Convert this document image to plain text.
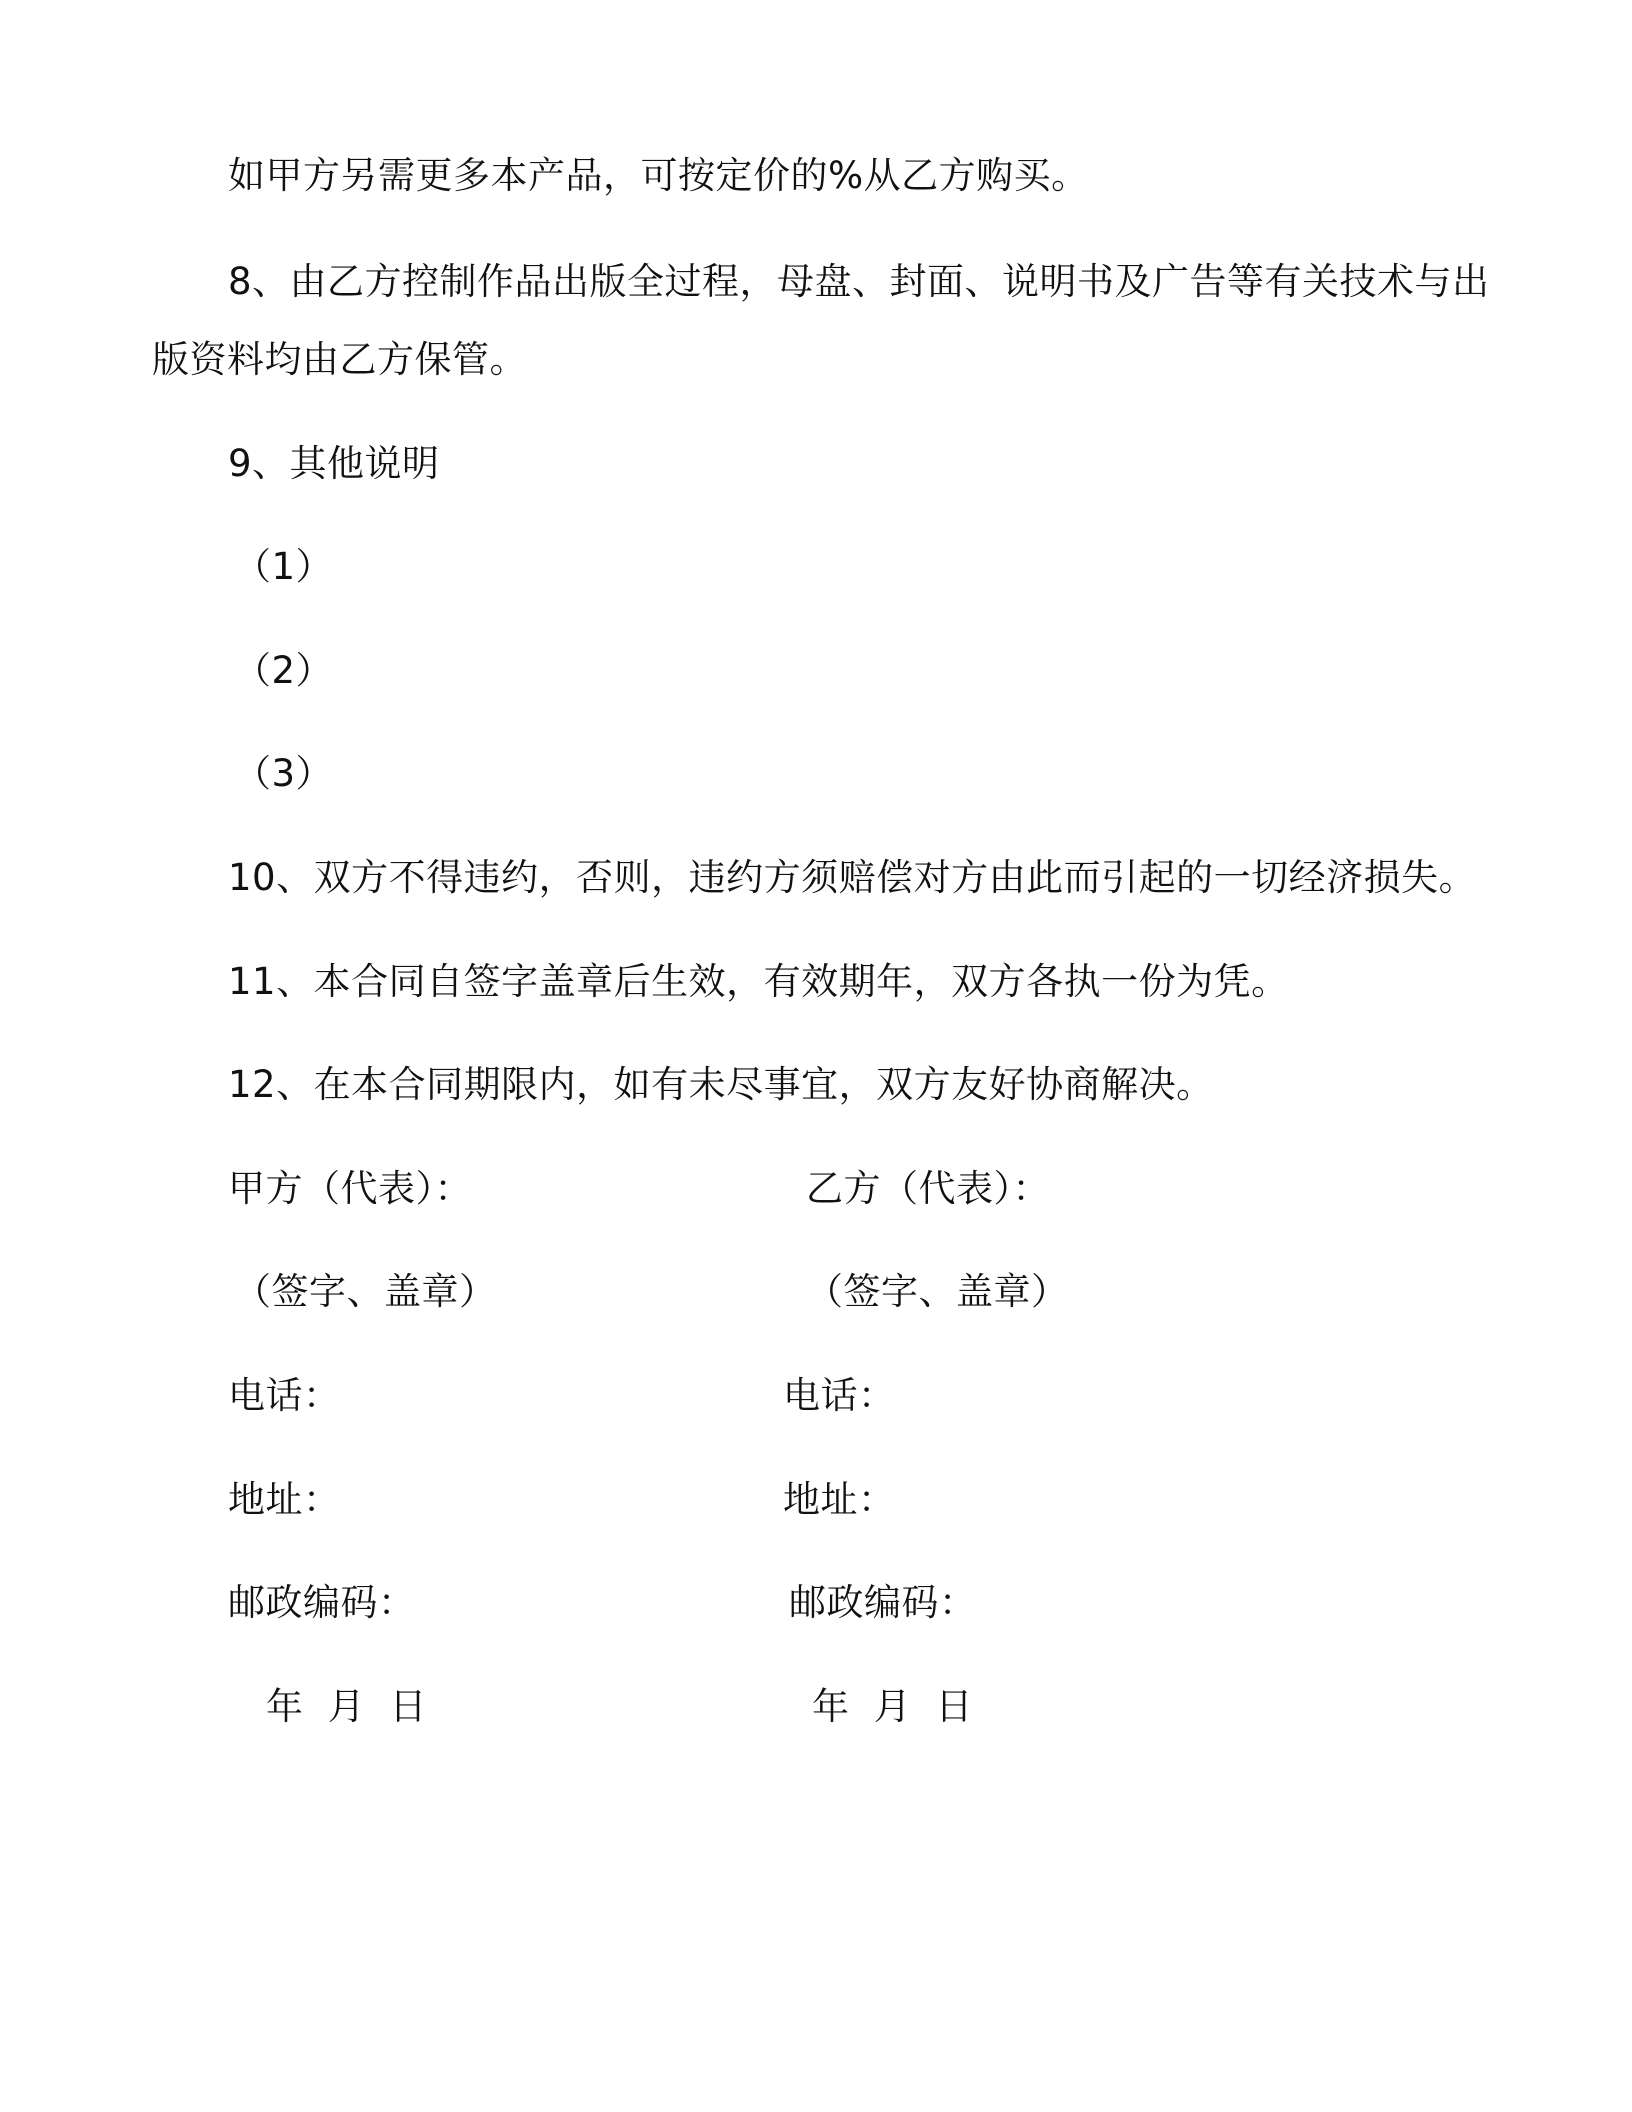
如甲方另需更多本产品，可按定价的%从乙方购买。
8、由乙方控制作品出版全过程，母盘、封面、说明书及广告等有关技术与出
版资料均由乙方保管。
9、其他说明
（1）
（2）
（3）
10、双方不得违约，否则，违约方须赔偿对方由此而引起的一切经济损失。
11、本合同自签字盖章后生效，有效期年，双方各执一份为凭。
12、在本合同期限内，如有未尽事宜，双方友好协商解决。
甲方（代表）：	乙方（代表）：
（签字、盖章）	（签字、盖章）
电话：	电话：
地址：	地址：
邮政编码：	邮政编码：
年 月 日	年 月 日
